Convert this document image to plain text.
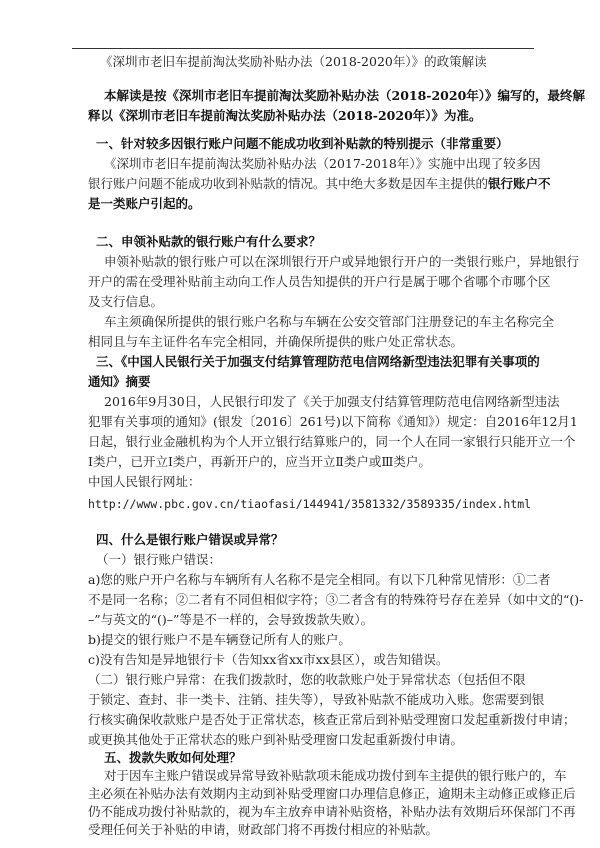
《深圳市老旧车提前淘汰奖励补贴办法（2018-2020年）》的政策解读
本解读是按《深圳市老旧车提前淘汰奖励补贴办法（2018-2020年）》编写的，最终解
释以《深圳市老旧车提前淘汰奖励补贴办法（2018-2020年）》为准。
一、针对较多因银行账户问题不能成功收到补贴款的特别提示（非常重要）
《深圳市老旧车提前淘汰奖励补贴办法（2017-2018年）》实施中出现了较多因
银行账户问题不能成功收到补贴款的情况。其中绝大多数是因车主提供的银行账户不
是一类账户引起的。
二、申领补贴款的银行账户有什么要求？
申领补贴款的银行账户可以在深圳银行开户或异地银行开户的一类银行账户，异地银行
开户的需在受理补贴前主动向工作人员告知提供的开户行是属于哪个省哪个市哪个区
及支行信息。
车主须确保所提供的银行账户名称与车辆在公安交管部门注册登记的车主名称完全
相同且与车主证件名车完全相同，并确保所提供的账户处正常状态。
三、《中国人民银行关于加强支付结算管理防范电信网络新型违法犯罪有关事项的
通知》摘要
2016年9月30日，人民银行印发了《关于加强支付结算管理防范电信网络新型违法
犯罪有关事项的通知》(银发〔2016〕261号)以下简称《通知》）规定：自2016年12月1
日起，银行业金融机构为个人开立银行结算账户的，同一个人在同一家银行只能开立一个
Ⅰ类户，已开立Ⅰ类户，再新开户的，应当开立Ⅱ类户或Ⅲ类户。
中国人民银行网址：
http://www.pbc.gov.cn/tiaofasi/144941/3581332/3589335/index.html
四、什么是银行账户错误或异常？
（一）银行账户错误：
a)您的账户开户名称与车辆所有人名称不是完全相同。有以下几种常见情形：①二者
不是同一名称；②二者有不同但相似字符；③二者含有的特殊符号存在差异（如中文的“()-
–”与英文的“()–”等是不一样的，会导致拨款失败）。
b)提交的银行账户不是车辆登记所有人的账户。
c)没有告知是异地银行卡（告知xx省xx市xx县区），或告知错误。
（二）银行账户异常：在我们拨款时，您的收款账户处于异常状态（包括但不限
于锁定、查封、非一类卡、注销、挂失等），导致补贴款不能成功入账。您需要到银
行核实确保收款账户是否处于正常状态，核查正常后到补贴受理窗口发起重新拨付申请；
或更换其他处于正常状态的账户到补贴受理窗口发起重新拨付申请。
五、拨款失败如何处理？
对于因车主账户错误或异常导致补贴款项未能成功拨付到车主提供的银行账户的，车
主必须在补贴办法有效期内主动到补贴受理窗口办理信息修正，逾期未主动修正或修正后
仍不能成功拨付补贴款的，视为车主放弃申请补贴资格，补贴办法有效期后环保部门不再
受理任何关于补贴的申请，财政部门将不再拨付相应的补贴款。
